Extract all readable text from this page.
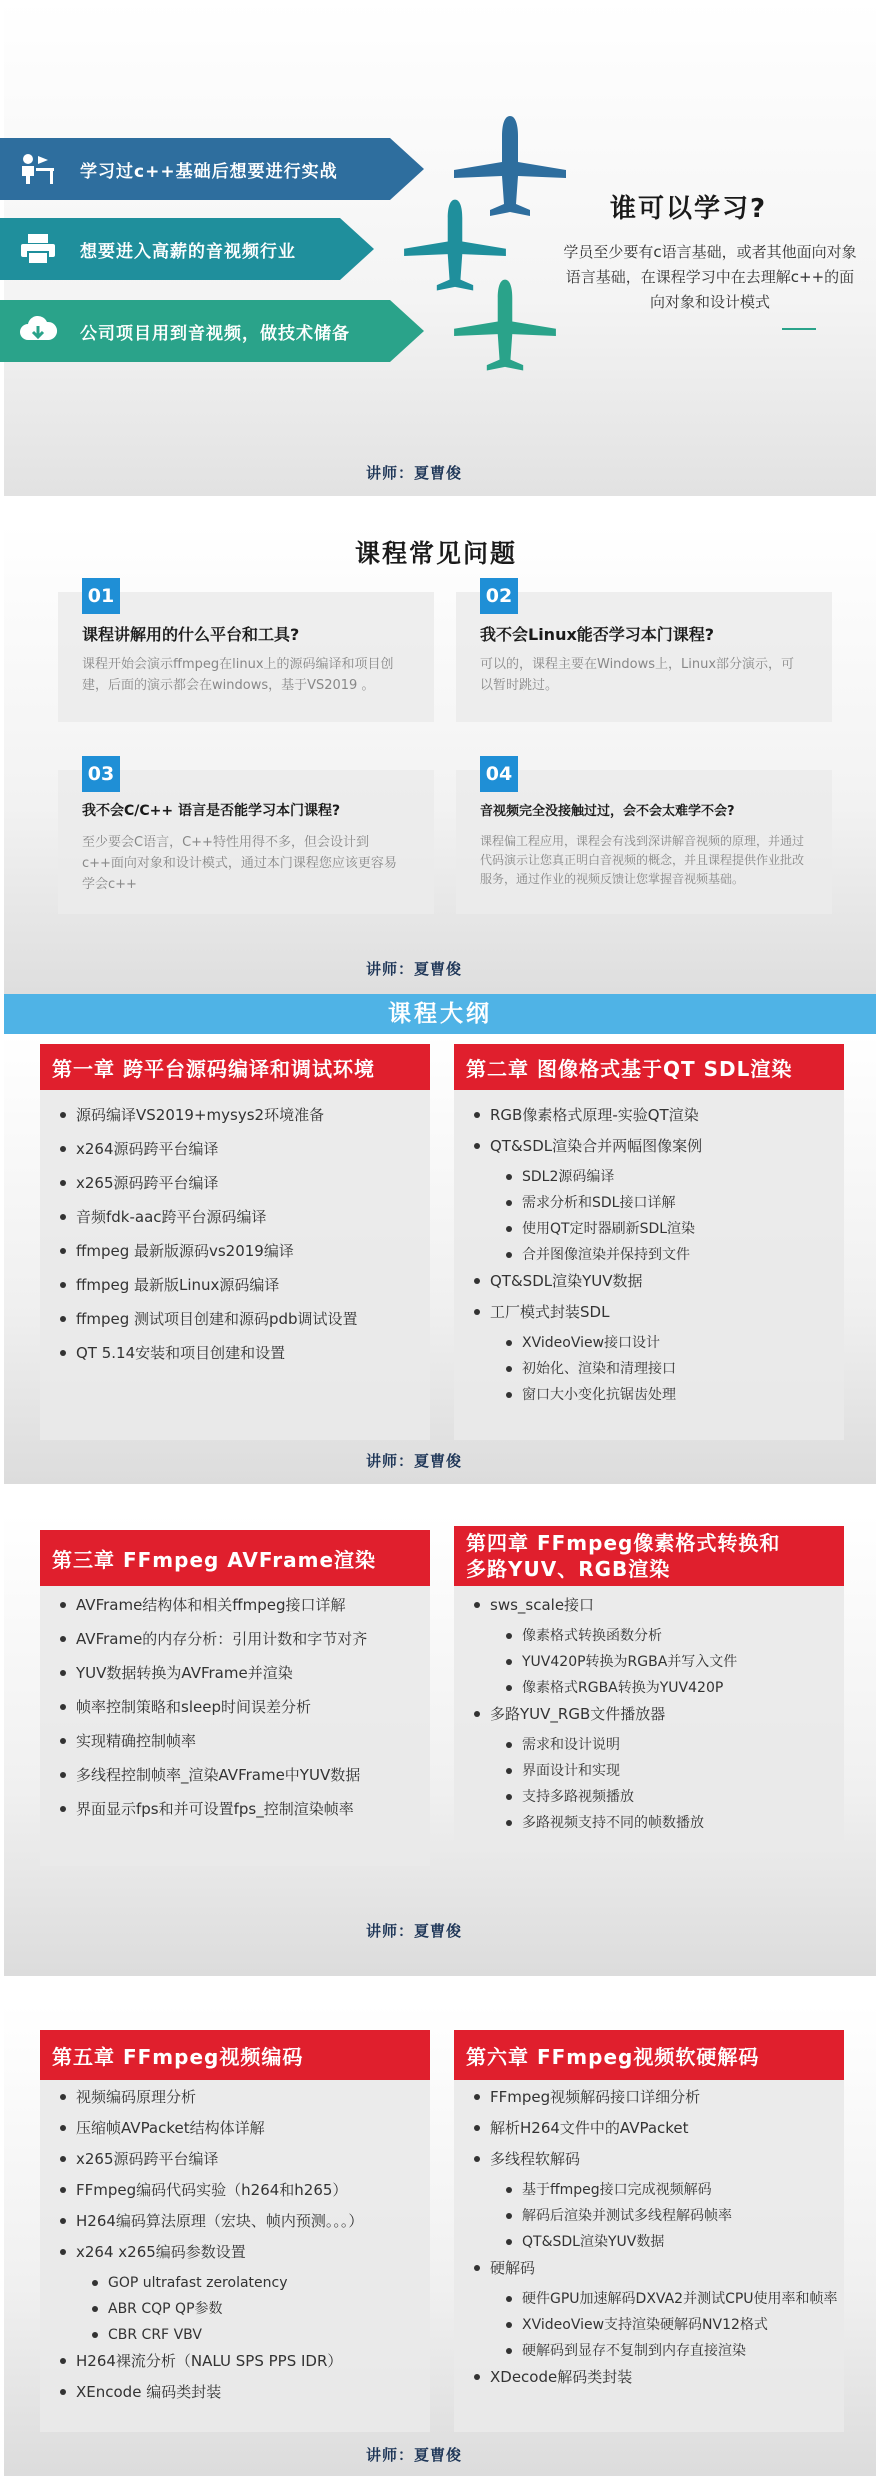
学习过c++基础后想要进行实战
想要进入高薪的音视频行业
公司项目用到音视频，做技术储备
谁可以学习?
学员至少要有c语言基础，或者其他面向对象语言基础，在课程学习中在去理解c++的面向对象和设计模式
讲师：夏曹俊
课程常见问题
01
课程讲解用的什么平台和工具?
课程开始会演示ffmpeg在linux上的源码编译和项目创建，后面的演示都会在windows，基于VS2019 。
02
我不会Linux能否学习本门课程?
可以的，课程主要在Windows上，Linux部分演示，可以暂时跳过。
03
我不会C/C++ 语言是否能学习本门课程?
至少要会C语言，C++特性用得不多，但会设计到c++面向对象和设计模式，通过本门课程您应该更容易学会c++
04
音视频完全没接触过过，会不会太难学不会?
课程偏工程应用，课程会有浅到深讲解音视频的原理，并通过代码演示让您真正明白音视频的概念，并且课程提供作业批改服务，通过作业的视频反馈让您掌握音视频基础。
讲师：夏曹俊
课程大纲
第一章 跨平台源码编译和调试环境
源码编译VS2019+mysys2环境准备
x264源码跨平台编译
x265源码跨平台编译
音频fdk-aac跨平台源码编译
ffmpeg 最新版源码vs2019编译
ffmpeg 最新版Linux源码编译
ffmpeg 测试项目创建和源码pdb调试设置
QT 5.14安装和项目创建和设置
第二章 图像格式基于QT SDL渲染
RGB像素格式原理-实验QT渲染
QT&SDL渲染合并两幅图像案例
SDL2源码编译
需求分析和SDL接口详解
使用QT定时器刷新SDL渲染
合并图像渲染并保持到文件
QT&SDL渲染YUV数据
工厂模式封装SDL
XVideoView接口设计
初始化、渲染和清理接口
窗口大小变化抗锯齿处理
讲师：夏曹俊
第三章 FFmpeg AVFrame渲染
AVFrame结构体和相关ffmpeg接口详解
AVFrame的内存分析：引用计数和字节对齐
YUV数据转换为AVFrame并渲染
帧率控制策略和sleep时间误差分析
实现精确控制帧率
多线程控制帧率_渲染AVFrame中YUV数据
界面显示fps和并可设置fps_控制渲染帧率
第四章 FFmpeg像素格式转换和
多路YUV、RGB渲染
sws_scale接口
像素格式转换函数分析
YUV420P转换为RGBA并写入文件
像素格式RGBA转换为YUV420P
多路YUV_RGB文件播放器
需求和设计说明
界面设计和实现
支持多路视频播放
多路视频支持不同的帧数播放
讲师：夏曹俊
第五章 FFmpeg视频编码
视频编码原理分析
压缩帧AVPacket结构体详解
x265源码跨平台编译
FFmpeg编码代码实验（h264和h265）
H264编码算法原理（宏块、帧内预测。。。）
x264 x265编码参数设置
GOP ultrafast zerolatency
ABR CQP QP参数
CBR CRF VBV
H264裸流分析（NALU SPS PPS IDR）
XEncode 编码类封装
第六章 FFmpeg视频软硬解码
FFmpeg视频解码接口详细分析
解析H264文件中的AVPacket
多线程软解码
基于ffmpeg接口完成视频解码
解码后渲染并测试多线程解码帧率
QT&SDL渲染YUV数据
硬解码
硬件GPU加速解码DXVA2并测试CPU使用率和帧率
XVideoView支持渲染硬解码NV12格式
硬解码到显存不复制到内存直接渲染
XDecode解码类封装
讲师：夏曹俊
